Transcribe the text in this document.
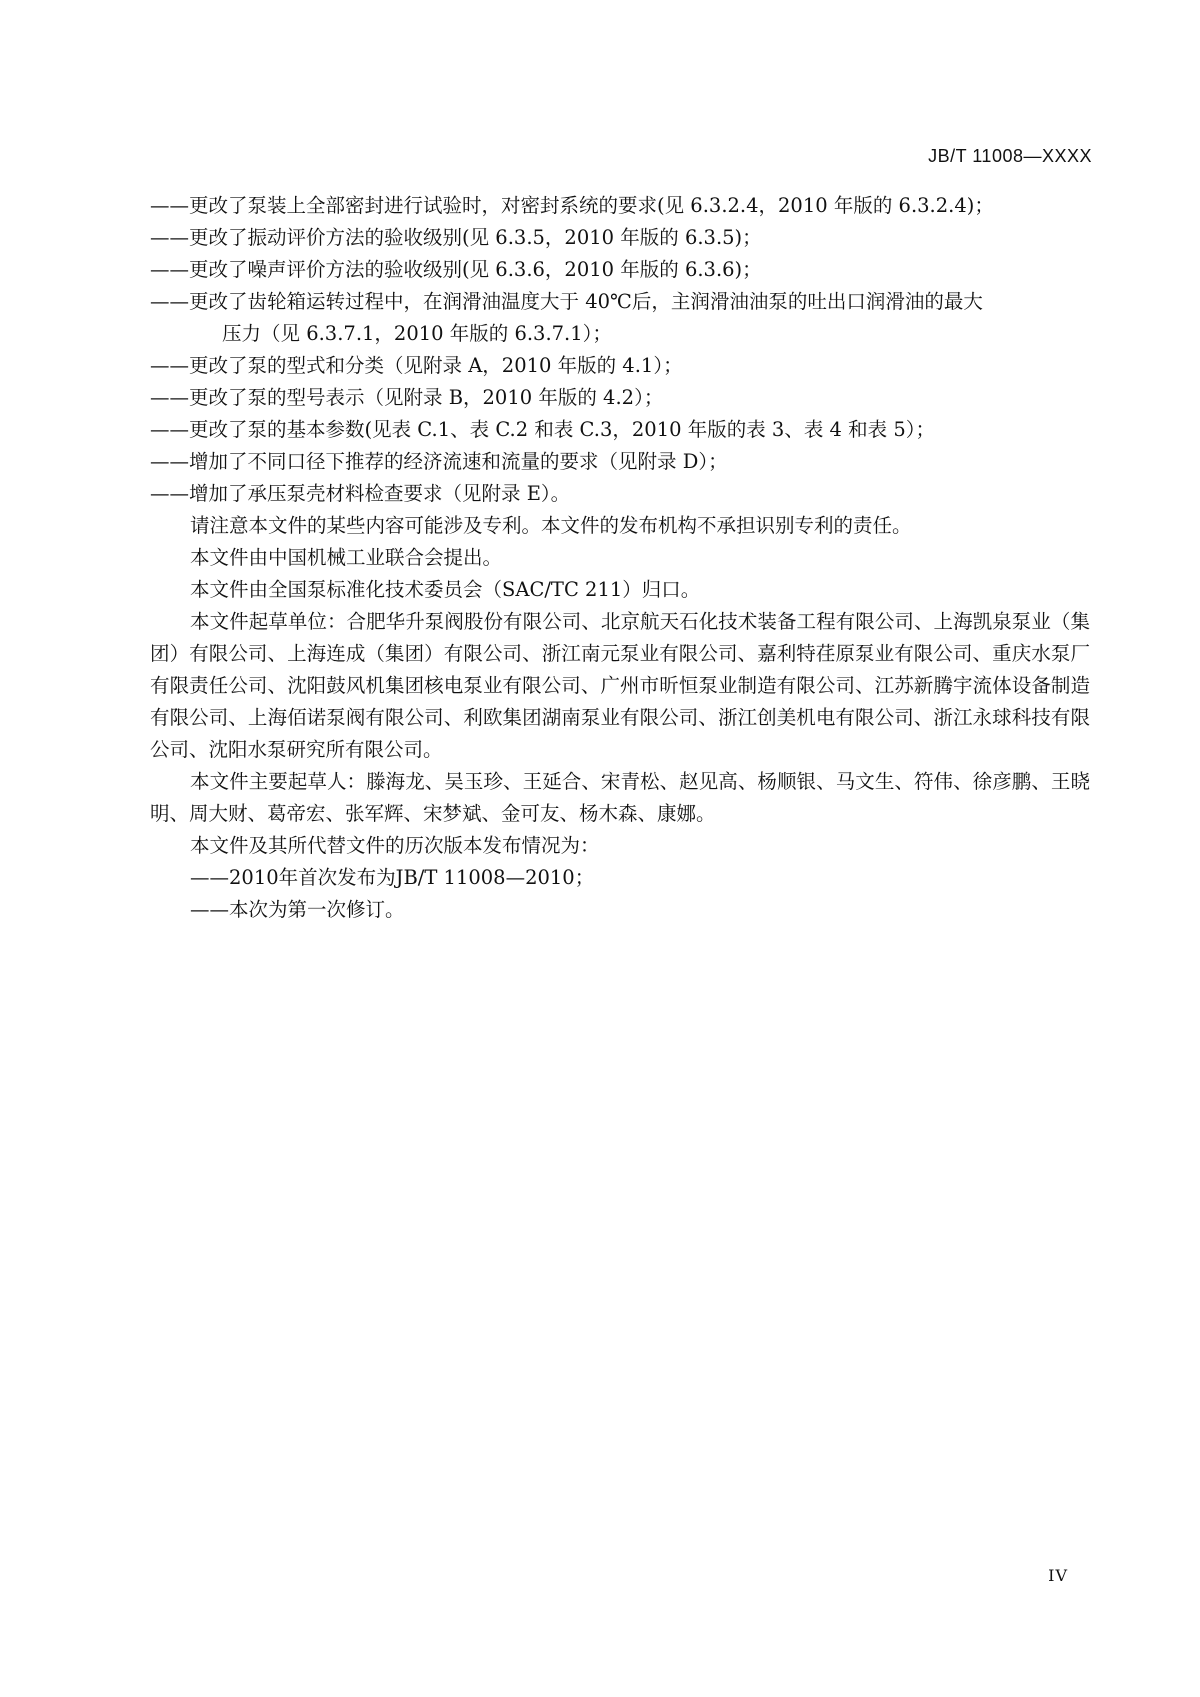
JB/T 11008—XXXX

——更改了泵装上全部密封进行试验时，对密封系统的要求(见 6.3.2.4，2010 年版的 6.3.2.4)；

——更改了振动评价方法的验收级别(见 6.3.5，2010 年版的 6.3.5)；

——更改了噪声评价方法的验收级别(见 6.3.6，2010 年版的 6.3.6)；

——更改了齿轮箱运转过程中，在润滑油温度大于 40℃后，主润滑油油泵的吐出口润滑油的最大

压力（见 6.3.7.1，2010 年版的 6.3.7.1）；

——更改了泵的型式和分类（见附录 A，2010 年版的 4.1）；

——更改了泵的型号表示（见附录 B，2010 年版的 4.2）；

——更改了泵的基本参数(见表 C.1、表 C.2 和表 C.3，2010 年版的表 3、表 4 和表 5）；

——增加了不同口径下推荐的经济流速和流量的要求（见附录 D）；

——增加了承压泵壳材料检查要求（见附录 E）。

请注意本文件的某些内容可能涉及专利。本文件的发布机构不承担识别专利的责任。

本文件由中国机械工业联合会提出。

本文件由全国泵标准化技术委员会（SAC/TC 211）归口。

本文件起草单位：合肥华升泵阀股份有限公司、北京航天石化技术装备工程有限公司、上海凯泉泵业（集团）有限公司、上海连成（集团）有限公司、浙江南元泵业有限公司、嘉利特荏原泵业有限公司、重庆水泵厂有限责任公司、沈阳鼓风机集团核电泵业有限公司、广州市昕恒泵业制造有限公司、江苏新腾宇流体设备制造有限公司、上海佰诺泵阀有限公司、利欧集团湖南泵业有限公司、浙江创美机电有限公司、浙江永球科技有限公司、沈阳水泵研究所有限公司。

本文件主要起草人：滕海龙、吴玉珍、王延合、宋青松、赵见高、杨顺银、马文生、符伟、徐彦鹏、王晓明、周大财、葛帝宏、张军辉、宋梦斌、金可友、杨木森、康娜。

本文件及其所代替文件的历次版本发布情况为：

——2010年首次发布为JB/T 11008—2010；

——本次为第一次修订。

IV
